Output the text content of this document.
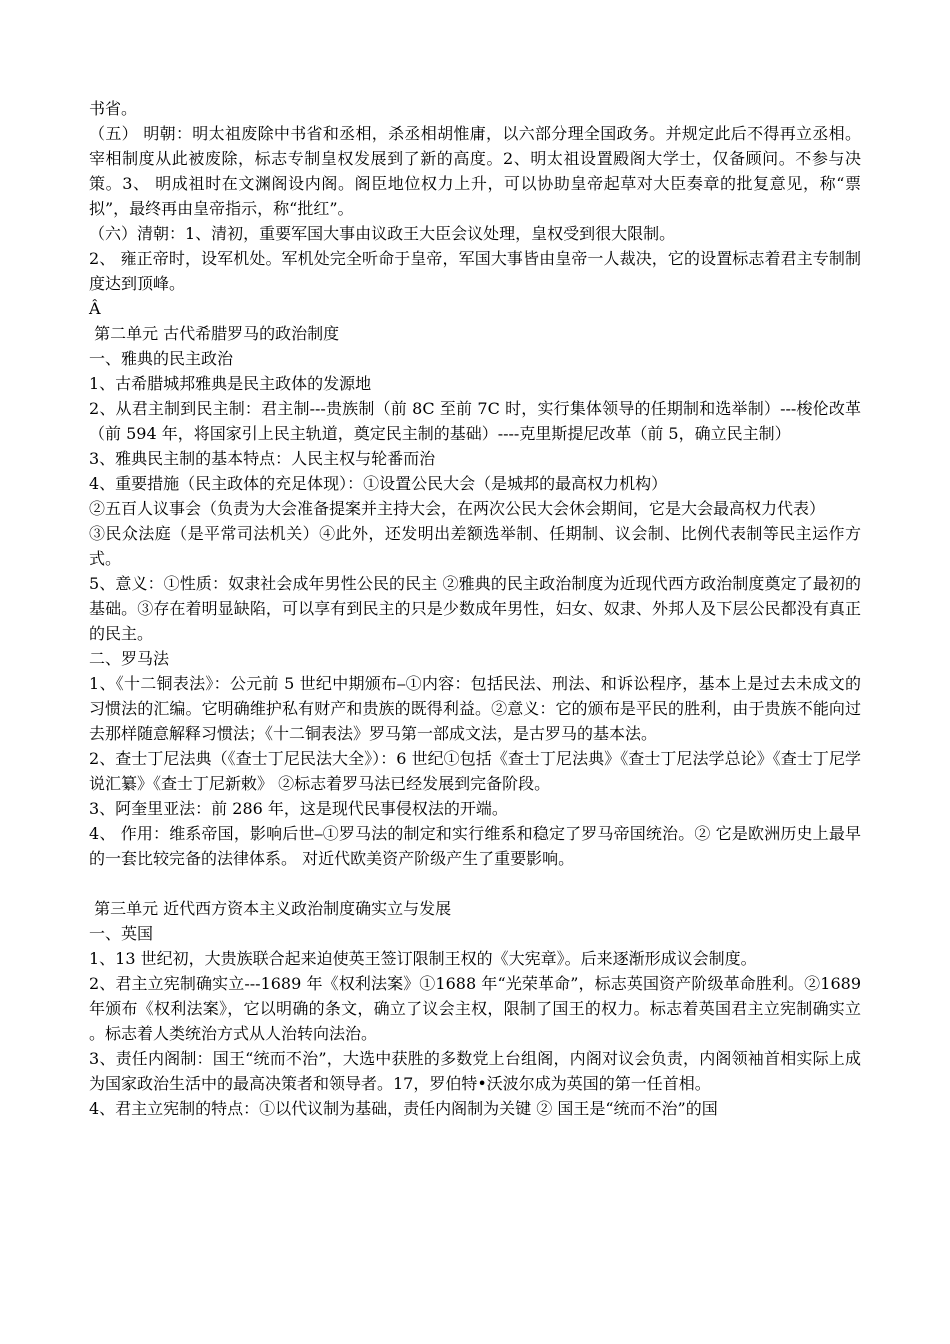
书省。

（五） 明朝：明太祖废除中书省和丞相，杀丞相胡惟庸，以六部分理全国政务。并规定此后不得再立丞相。宰相制度从此被废除，标志专制皇权发展到了新的高度。2、明太祖设置殿阁大学士，仅备顾问。不参与决策。3、 明成祖时在文渊阁设内阁。阁臣地位权力上升，可以协助皇帝起草对大臣奏章的批复意见，称“票拟”，最终再由皇帝指示，称“批红”。

（六）清朝：1、清初，重要军国大事由议政王大臣会议处理，皇权受到很大限制。

2、 雍正帝时，设军机处。军机处完全听命于皇帝，军国大事皆由皇帝一人裁决，它的设置标志着君主专制制度达到顶峰。

Â

第二单元 古代希腊罗马的政治制度

一、雅典的民主政治

1、古希腊城邦雅典是民主政体的发源地

2、从君主制到民主制：君主制---贵族制（前 8C 至前 7C 时，实行集体领导的任期制和选举制）---梭伦改革（前 594 年，将国家引上民主轨道，奠定民主制的基础）----克里斯提尼改革（前 5，确立民主制）

3、雅典民主制的基本特点：人民主权与轮番而治

4、重要措施（民主政体的充足体现）：①设置公民大会（是城邦的最高权力机构）

②五百人议事会（负责为大会准备提案并主持大会，在两次公民大会休会期间，它是大会最高权力代表）

③民众法庭（是平常司法机关）④此外，还发明出差额选举制、任期制、议会制、比例代表制等民主运作方式。

5、意义：①性质：奴隶社会成年男性公民的民主 ②雅典的民主政治制度为近现代西方政治制度奠定了最初的基础。③存在着明显缺陷，可以享有到民主的只是少数成年男性，妇女、奴隶、外邦人及下层公民都没有真正的民主。

二、罗马法

1、《十二铜表法》：公元前 5 世纪中期颁布⎯①内容：包括民法、刑法、和诉讼程序，基本上是过去未成文的习惯法的汇编。它明确维护私有财产和贵族的既得利益。②意义：它的颁布是平民的胜利，由于贵族不能向过去那样随意解释习惯法；《十二铜表法》罗马第一部成文法，是古罗马的基本法。

2、查士丁尼法典（《查士丁尼民法大全》）：6 世纪①包括《查士丁尼法典》《查士丁尼法学总论》《查士丁尼学说汇纂》《查士丁尼新敕》 ②标志着罗马法已经发展到完备阶段。

3、阿奎里亚法：前 286 年，这是现代民事侵权法的开端。

4、 作用：维系帝国，影响后世⎯①罗马法的制定和实行维系和稳定了罗马帝国统治。② 它是欧洲历史上最早的一套比较完备的法律体系。 对近代欧美资产阶级产生了重要影响。

第三单元 近代西方资本主义政治制度确实立与发展

一、英国

1、13 世纪初，大贵族联合起来迫使英王签订限制王权的《大宪章》。后来逐渐形成议会制度。

2、君主立宪制确实立---1689 年《权利法案》①1688 年“光荣革命”，标志英国资产阶级革命胜利。②1689 年颁布《权利法案》，它以明确的条文，确立了议会主权，限制了国王的权力。标志着英国君主立宪制确实立 。标志着人类统治方式从人治转向法治。

3、责任内阁制：国王“统而不治”，大选中获胜的多数党上台组阁，内阁对议会负责，内阁领袖首相实际上成为国家政治生活中的最高决策者和领导者。17，罗伯特•沃波尔成为英国的第一任首相。

4、君主立宪制的特点：①以代议制为基础，责任内阁制为关键 ② 国王是“统而不治”的国
